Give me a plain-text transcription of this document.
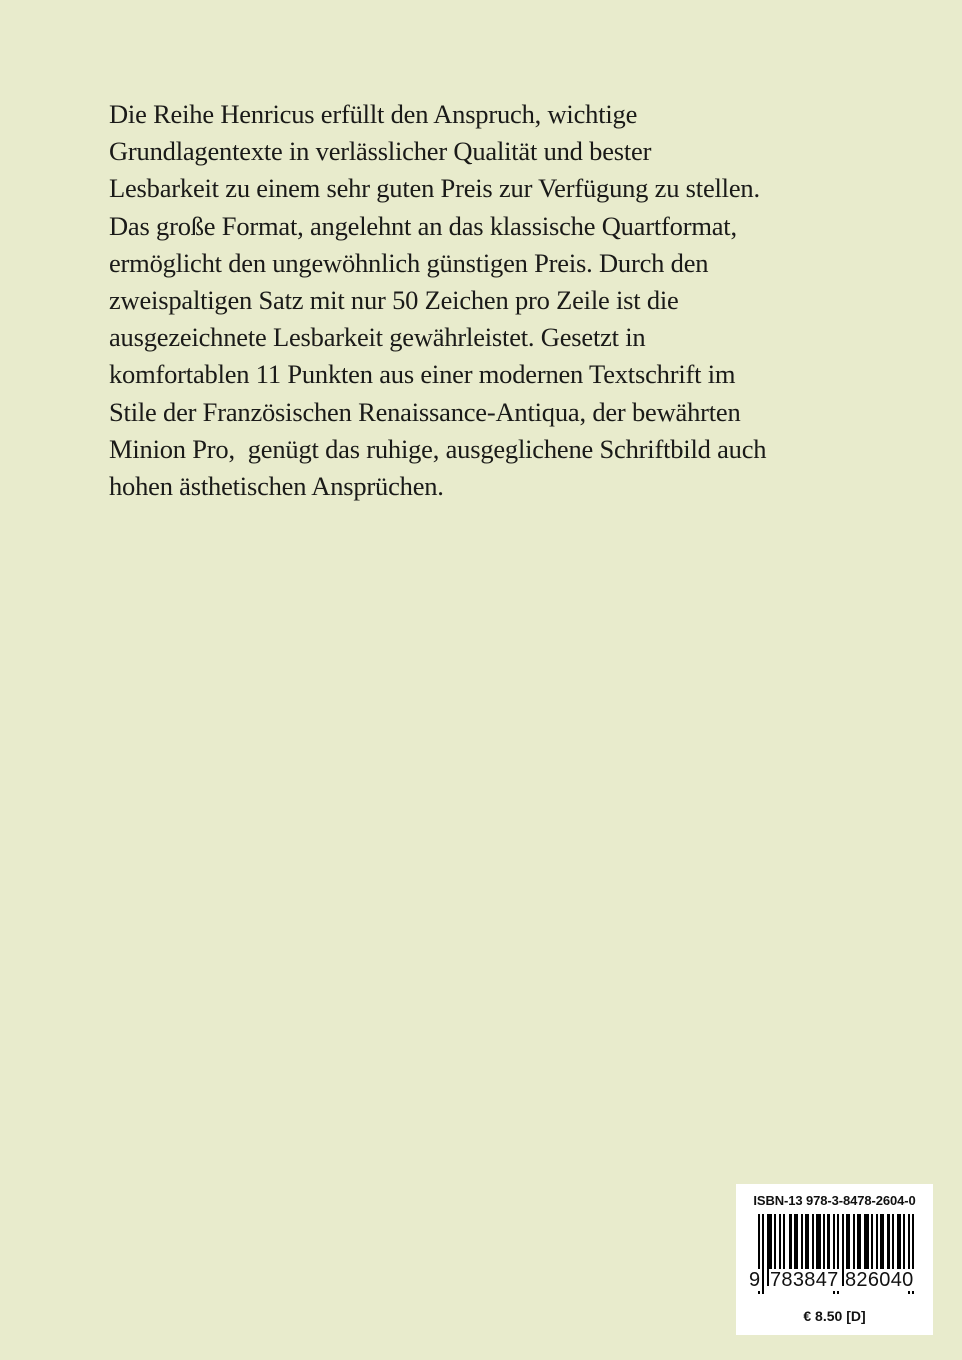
Die Reihe Henricus erfüllt den Anspruch, wichtige
Grundlagentexte in verlässlicher Qualität und bester
Lesbarkeit zu einem sehr guten Preis zur Verfügung zu stellen.
Das große Format, angelehnt an das klassische Quartformat,
ermöglicht den ungewöhnlich günstigen Preis. Durch den
zweispaltigen Satz mit nur 50 Zeichen pro Zeile ist die
ausgezeichnete Lesbarkeit gewährleistet. Gesetzt in
komfortablen 11 Punkten aus einer modernen Textschrift im
Stile der Französischen Renaissance-Antiqua, der bewährten
Minion Pro,  genügt das ruhige, ausgeglichene Schriftbild auch
hohen ästhetischen Ansprüchen.
ISBN-13 978-3-8478-2604-0
9 783847 826040
€ 8.50 [D]
